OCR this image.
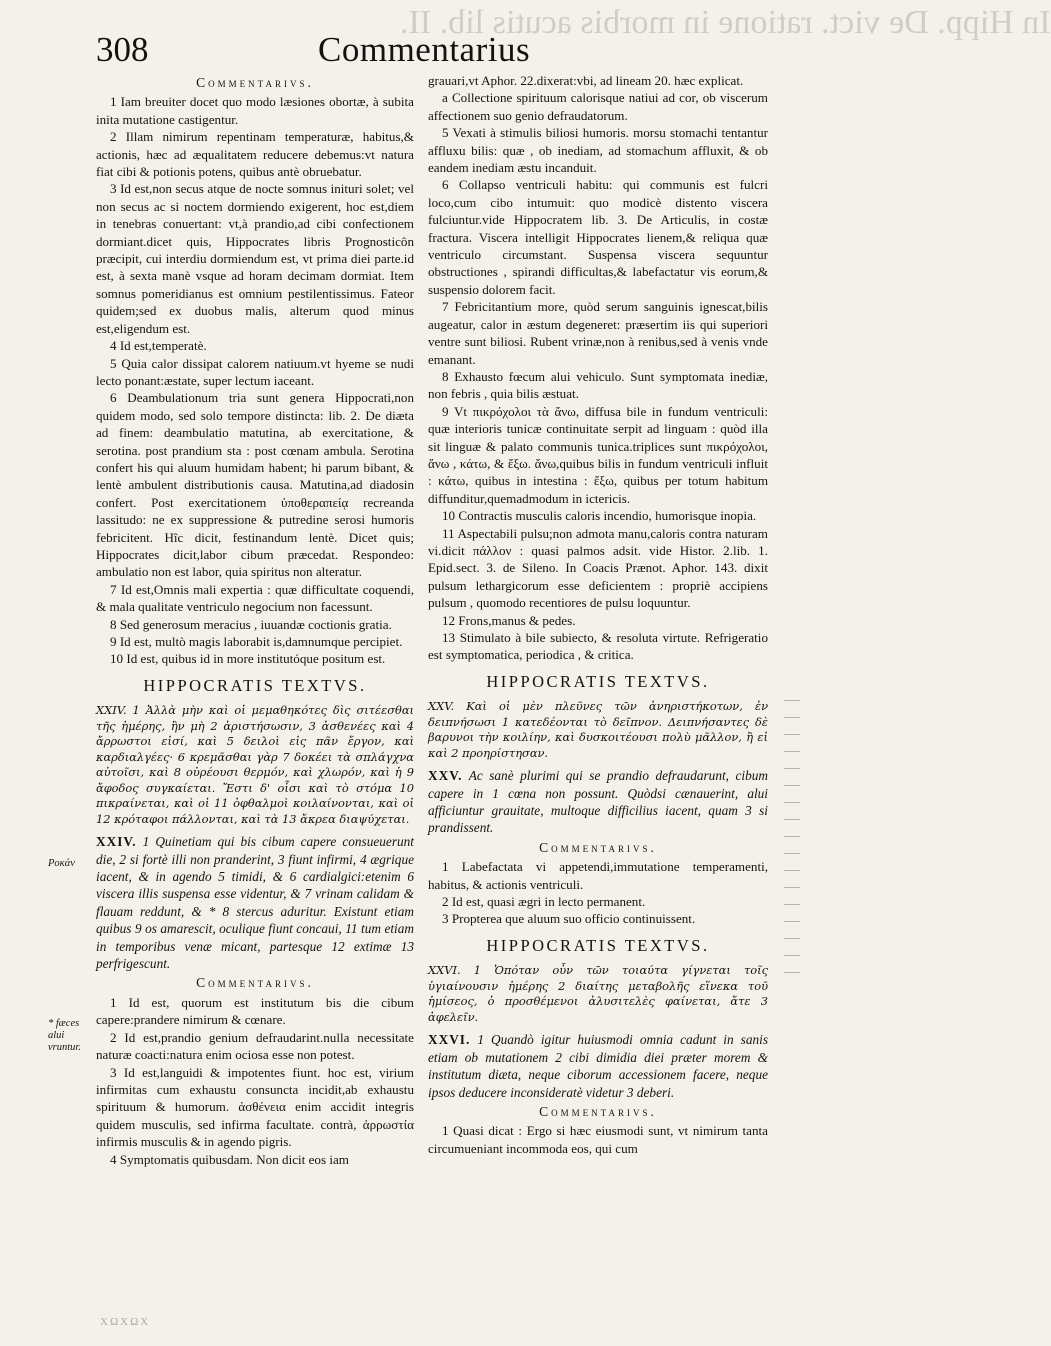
In Hipp. De vict. ratione in morbis acutis lib. II.
308	Commentarius
Ροκάν
* fæces alui
vruntur.

Commentarivs.

1 Iam breuiter docet quo modo læsiones obortæ, à subita inita mutatione castigentur.

2 Illam nimirum repentinam temperaturæ, habitus,& actionis, hæc ad æqualitatem reducere debemus:vt natura fiat cibi & potionis potens, quibus antè obruebatur.

3 Id est,non secus atque de nocte somnus inituri solet; vel non secus ac si noctem dormiendo exigerent, hoc est,diem in tenebras conuertant: vt,à prandio,ad cibi confectionem dormiant.dicet quis, Hippocrates libris Prognosticôn præcipit, cui interdiu dormiendum est, vt prima diei parte.id est, à sexta manè vsque ad horam decimam dormiat. Item somnus pomeridianus est omnium pestilentissimus. Fateor quidem;sed ex duobus malis, alterum quod minus est,eligendum est.

4 Id est,temperatè.

5 Quia calor dissipat calorem natiuum.vt hyeme se nudi lecto ponant:æstate, super lectum iaceant.

6 Deambulationum tria sunt genera Hippocrati,non quidem modo, sed solo tempore distincta: lib. 2. De diæta ad finem: deambulatio matutina, ab exercitatione, & serotina. post prandium sta : post cœnam ambula. Serotina confert his qui aluum humidam habent; hi parum bibant, & lentè ambulent distributionis causa. Matutina,ad diadosin confert. Post exercitationem ὑποθεραπείᾳ recreanda lassitudo: ne ex suppressione & putredine serosi humoris febricitent. Hîc dicit, festinandum lentè. Dicet quis; Hippocrates dicit,labor cibum præcedat. Respondeo: ambulatio non est labor, quia spiritus non alteratur.

7 Id est,Omnis mali expertia : quæ difficultate coquendi, & mala qualitate ventriculo negocium non facessunt.

8 Sed generosum meracius , iuuandæ coctionis gratia.

9 Id est, multò magis laborabit is,damnumque percipiet.

10 Id est, quibus id in more institutóque positum est.

HIPPOCRATIS TEXTVS.

ΧΧΙV. 1 Ἀλλὰ μὴν καὶ οἱ μεμαθηκότες δὶς σιτέεσθαι τῆς ἡμέρης, ἢν μὴ 2 ἀριστήσωσιν, 3 ἀσθενέες καὶ 4 ἄρρωστοι εἰσί, καὶ 5 δειλοὶ εἰς πᾶν ἔργον, καὶ καρδιαλγέες· 6 κρεμᾶσθαι γὰρ 7 δοκέει τὰ σπλάγχνα αὐτοῖσι, καὶ 8 οὐρέουσι θερμόν, καὶ χλωρόν, καὶ ἡ 9 ἄφοδος συγκαίεται. Ἔστι δ' οἷσι καὶ τὸ στόμα 10 πικραίνεται, καὶ οἱ 11 ὀφθαλμοὶ κοιλαίνονται, καὶ οἱ 12 κρόταφοι πάλλονται, καὶ τὰ 13 ἄκρεα διαψύχεται.

XXIV. 1 Quinetiam qui bis cibum capere consueuerunt die, 2 si fortè illi non pranderint, 3 fiunt infirmi, 4 ægrique iacent, & in agendo 5 timidi, & 6 cardialgici:etenim 6 viscera illis suspensa esse videntur, & 7 vrinam calidam & flauam reddunt, & * 8 stercus aduritur. Existunt etiam quibus 9 os amarescit, oculique fiunt concaui, 11 tum etiam in temporibus venæ micant, partesque 12 extimæ 13 perfrigescunt.

Commentarivs.

1 Id est, quorum est institutum bis die cibum capere:prandere nimirum & cœnare.

2 Id est,prandio genium defraudarint.nulla necessitate naturæ coacti:natura enim ociosa esse non potest.

3 Id est,languidi & impotentes fiunt. hoc est, virium infirmitas cum exhaustu consuncta incidit,ab exhaustu spirituum & humorum. ἀσθένεια enim accidit integris quidem musculis, sed infirma facultate. contrà, ἀρρωστία infirmis musculis & in agendo pigris.

4 Symptomatis quibusdam. Non dicit eos iam

grauari,vt Aphor. 22.dixerat:vbi, ad lineam 20. hæc explicat.

a Collectione spirituum calorisque natiui ad cor, ob viscerum affectionem suo genio defraudatorum.

5 Vexati à stimulis biliosi humoris. morsu stomachi tentantur affluxu bilis: quæ , ob inediam, ad stomachum affluxit, & ob eandem inediam æstu incanduit.

6 Collapso ventriculi habitu: qui communis est fulcri loco,cum cibo intumuit: quo modicè distento viscera fulciuntur.vide Hippocratem lib. 3. De Articulis, in costæ fractura. Viscera intelligit Hippocrates lienem,& reliqua quæ ventriculo circumstant. Suspensa viscera sequuntur obstructiones , spirandi difficultas,& labefactatur vis eorum,& suspensio dolorem facit.

7 Febricitantium more, quòd serum sanguinis ignescat,bilis augeatur, calor in æstum degeneret: præsertim iis qui superiori ventre sunt biliosi. Rubent vrinæ,non à renibus,sed à venis vnde emanant.

8 Exhausto fœcum alui vehiculo. Sunt symptomata inediæ, non febris , quia bilis æstuat.

9 Vt πικρόχολοι τὰ ἄνω, diffusa bile in fundum ventriculi: quæ interioris tunicæ continuitate serpit ad linguam : quòd illa sit linguæ & palato communis tunica.triplices sunt πικρόχολοι, ἄνω , κάτω, & ἔξω. ἄνω,quibus bilis in fundum ventriculi influit : κάτω, quibus in intestina : ἔξω, quibus per totum habitum diffunditur,quemadmodum in ictericis.

10 Contractis musculis caloris incendio, humorisque inopia.

11 Aspectabili pulsu;non admota manu,caloris contra naturam vi.dicit πάλλον : quasi palmos adsit. vide Histor. 2.lib. 1. Epid.sect. 3. de Sileno. In Coacis Prænot. Aphor. 143. dixit pulsum lethargicorum esse deficientem : propriè accipiens pulsum , quomodo recentiores de pulsu loquuntur.

12 Frons,manus & pedes.

13 Stimulato à bile subiecto, & resoluta virtute. Refrigeratio est symptomatica, periodica , & critica.

HIPPOCRATIS TEXTVS.

ΧΧV. Καὶ οἱ μὲν πλεῦνες τῶν ἀνηριστήκοτων, ἐν δειπνήσωσι 1 κατεδέονται τὸ δεῖπνον. Δειπνήσαντες δὲ βαρυνοι τὴν κοιλίην, καὶ δυσκοιτέουσι πολὺ μᾶλλον, ἢ εἰ καὶ 2 προηρίστησαν.

XXV. Ac sanè plurimi qui se prandio defraudarunt, cibum capere in 1 cœna non possunt. Quòdsi cænauerint, alui afficiuntur grauitate, multoque difficilius iacent, quam 3 si prandissent.

Commentarivs.

1 Labefactata vi appetendi,immutatione temperamenti, habitus, & actionis ventriculi.

2 Id est, quasi ægri in lecto permanent.

3 Propterea que aluum suo officio continuissent.

HIPPOCRATIS TEXTVS.

ΧΧVΙ. 1 Ὁπόταν οὖν τῶν τοιαύτα γίγνεται τοῖς ὑγιαίνουσιν ἡμέρης 2 διαίτης μεταβολῆς εἵνεκα τοῦ ἡμίσεος, ὁ προσθέμενοι ἀλυσιτελὲς φαίνεται, ἄτε 3 ἀφελεῖν.

XXVI. 1 Quandò igitur huiusmodi omnia cadunt in sanis etiam ob mutationem 2 cibi dimidia diei præter morem & institutum diæta, neque ciborum accessionem facere, neque ipsos deducere inconsideratè videtur 3 deberi.

Commentarivs.

1 Quasi dicat : Ergo si hæc eiusmodi sunt, vt nimirum tanta circumueniant incommoda eos, qui cum

ΧΩΧΩΧ
